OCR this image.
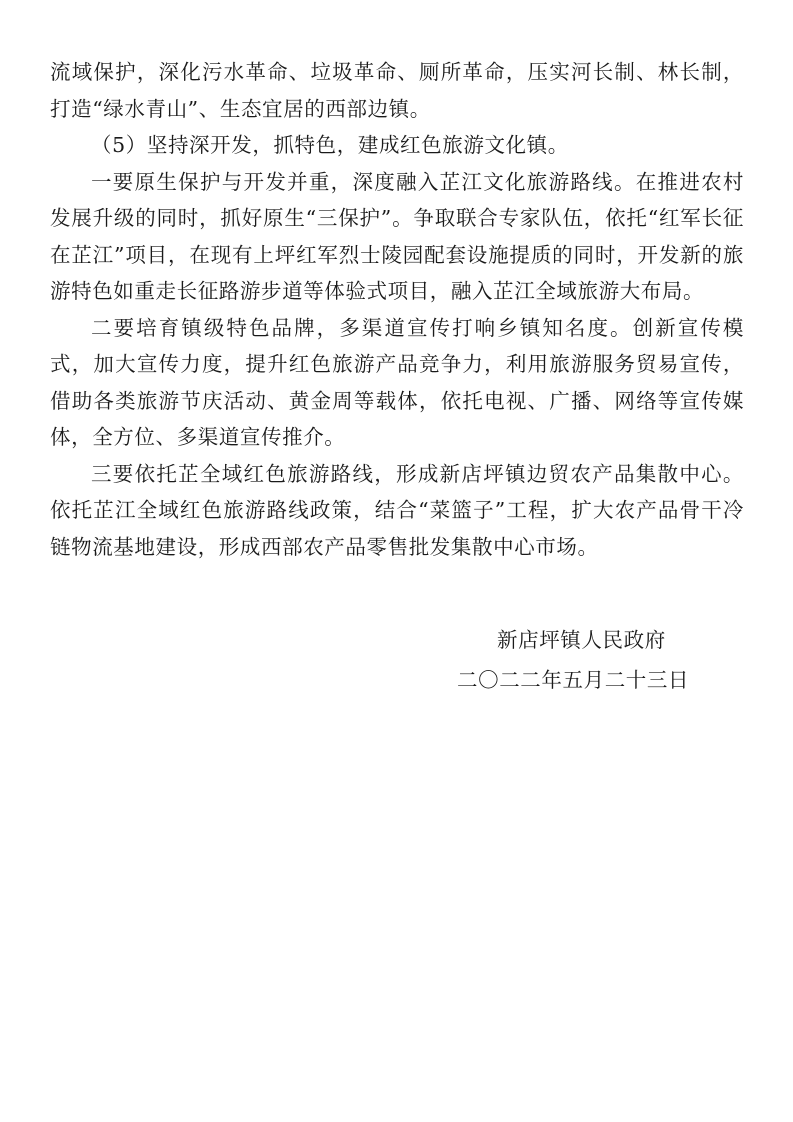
流域保护，深化污水革命、垃圾革命、厕所革命，压实河长制、林长制，打造“绿水青山”、生态宜居的西部边镇。

（5）坚持深开发，抓特色，建成红色旅游文化镇。

一要原生保护与开发并重，深度融入芷江文化旅游路线。在推进农村发展升级的同时，抓好原生“三保护”。争取联合专家队伍，依托“红军长征在芷江”项目，在现有上坪红军烈士陵园配套设施提质的同时，开发新的旅游特色如重走长征路游步道等体验式项目，融入芷江全域旅游大布局。

二要培育镇级特色品牌，多渠道宣传打响乡镇知名度。创新宣传模式，加大宣传力度，提升红色旅游产品竞争力，利用旅游服务贸易宣传，借助各类旅游节庆活动、黄金周等载体，依托电视、广播、网络等宣传媒体，全方位、多渠道宣传推介。

三要依托芷全域红色旅游路线，形成新店坪镇边贸农产品集散中心。依托芷江全域红色旅游路线政策，结合“菜篮子”工程，扩大农产品骨干冷链物流基地建设，形成西部农产品零售批发集散中心市场。

新店坪镇人民政府
二〇二二年五月二十三日
